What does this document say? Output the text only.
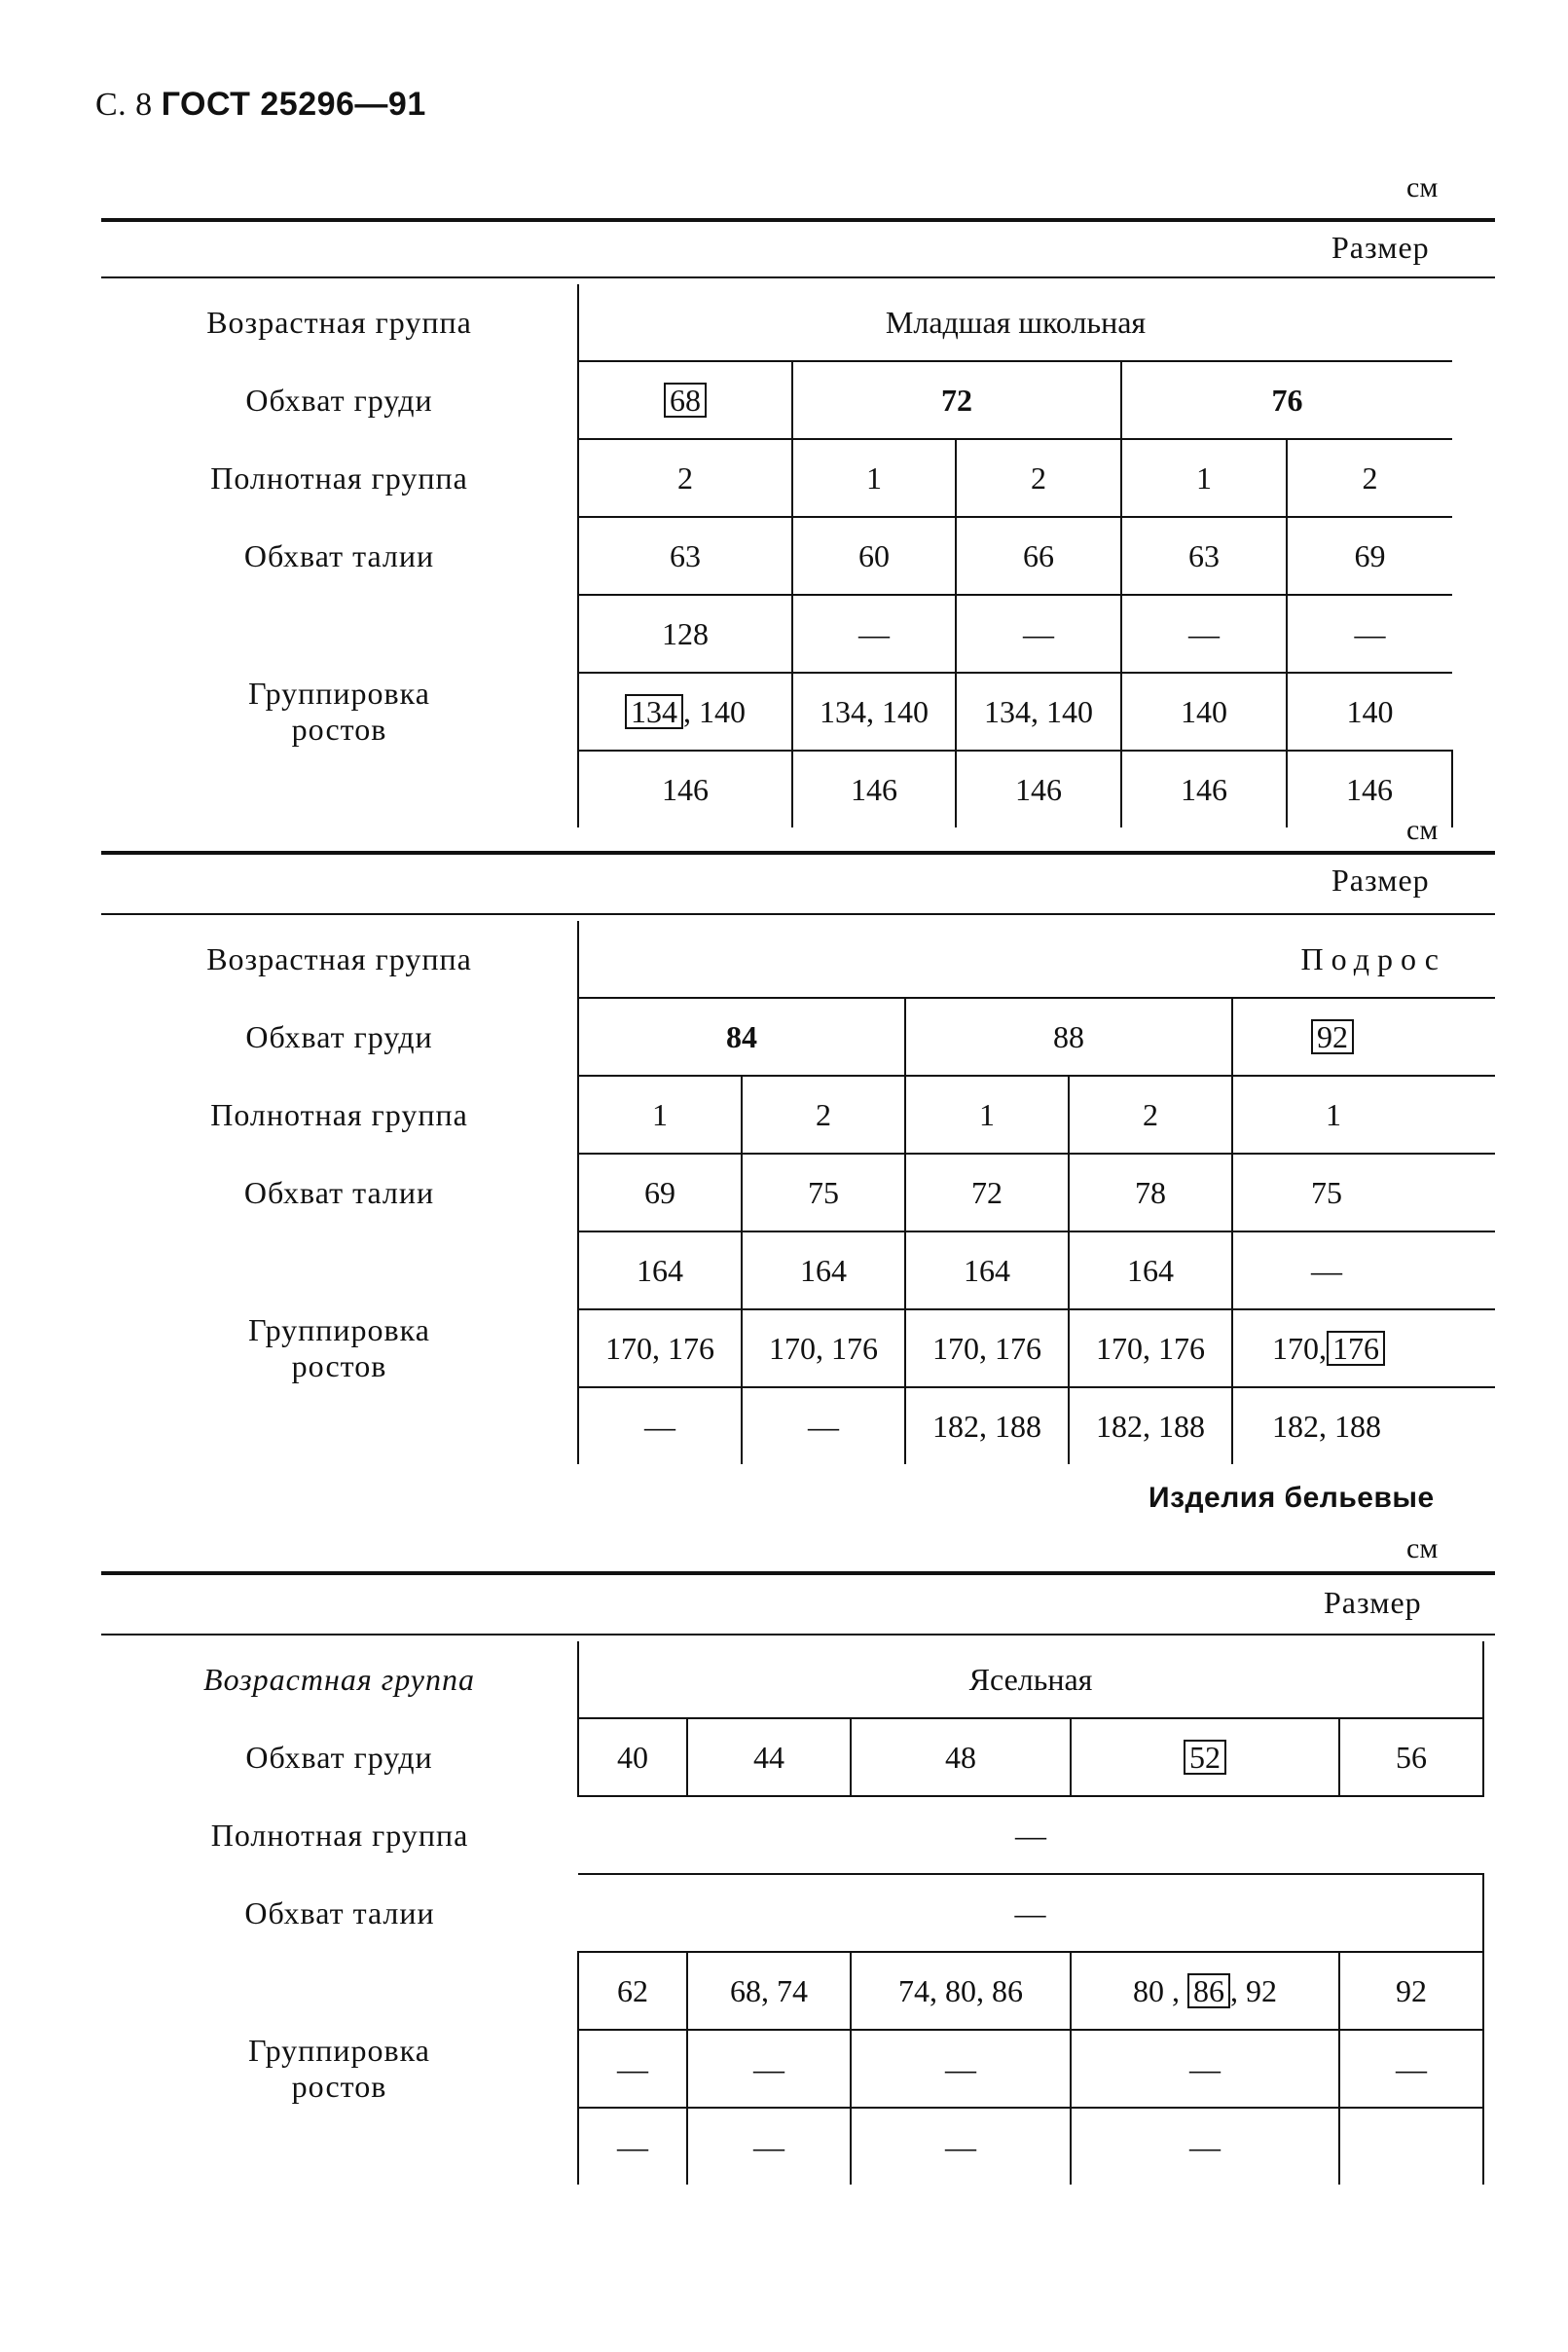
С. 8 ГОСТ 25296—91
см
Размер
Возрастная группа	Младшая школьная				
Обхват груди	68	72		76	
Полнотная группа	2	1	2	1	2
Обхват талии	63	60	66	63	69
Группировка ростов	128	—	—	—	—
	134 , 140	134, 140	134, 140	140	140
	146	146	146	146	146
см
Размер
Возрастная группа	Подрос				
Обхват груди	84		88		92
Полнотная группа	1	2	1	2	1
Обхват талии	69	75	72	78	75
Группировка ростов	164	164	164	164	—
	170, 176	170, 176	170, 176	170, 176	170, 176
	—	—	182, 188	182, 188	182, 188
Изделия бельевые
см
Размер
Возрастная группа	Ясельная				
Обхват груди	40	44	48	52	56
Полнотная группа	—				
Обхват талии	—				
Группировка ростов	62	68, 74	74, 80, 86	80 , 86 , 92	92
	—	—	—	—	—
	—	—	—	—	
